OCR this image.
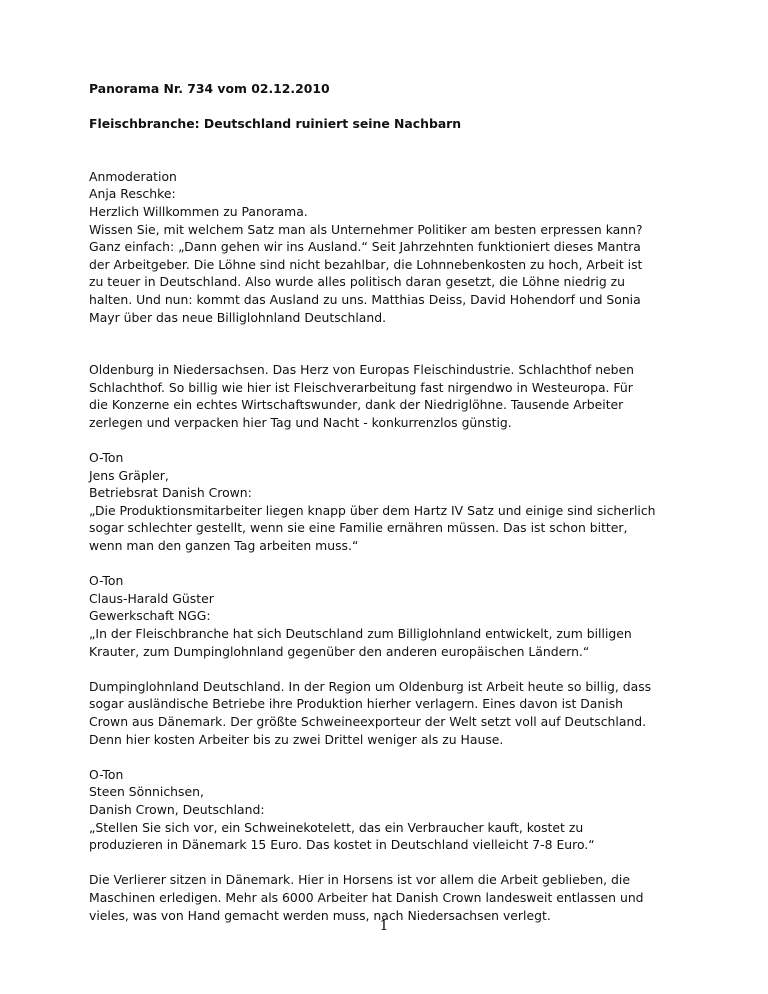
Panorama Nr. 734 vom 02.12.2010

Fleischbranche: Deutschland ruiniert seine Nachbarn

Anmoderation

Anja Reschke:

Herzlich Willkommen zu Panorama.

Wissen Sie, mit welchem Satz man als Unternehmer Politiker am besten erpressen kann?

Ganz einfach: „Dann gehen wir ins Ausland.“ Seit Jahrzehnten funktioniert dieses Mantra

der Arbeitgeber. Die Löhne sind nicht bezahlbar, die Lohnnebenkosten zu hoch, Arbeit ist

zu teuer in Deutschland. Also wurde alles politisch daran gesetzt, die Löhne niedrig zu

halten. Und nun: kommt das Ausland zu uns. Matthias Deiss, David Hohendorf und Sonia

Mayr über das neue Billiglohnland Deutschland.

Oldenburg in Niedersachsen. Das Herz von Europas Fleischindustrie. Schlachthof neben

Schlachthof. So billig wie hier ist Fleischverarbeitung fast nirgendwo in Westeuropa. Für

die Konzerne ein echtes Wirtschaftswunder, dank der Niedriglöhne. Tausende Arbeiter

zerlegen und verpacken hier Tag und Nacht - konkurrenzlos günstig.

O-Ton

Jens Gräpler,

Betriebsrat Danish Crown:

„Die Produktionsmitarbeiter liegen knapp über dem Hartz IV Satz und einige sind sicherlich

sogar schlechter gestellt, wenn sie eine Familie ernähren müssen. Das ist schon bitter,

wenn man den ganzen Tag arbeiten muss.“

O-Ton

Claus-Harald Güster

Gewerkschaft NGG:

„In der Fleischbranche hat sich Deutschland zum Billiglohnland entwickelt, zum billigen

Krauter, zum Dumpinglohnland gegenüber den anderen europäischen Ländern.“

Dumpinglohnland Deutschland. In der Region um Oldenburg ist Arbeit heute so billig, dass

sogar ausländische Betriebe ihre Produktion hierher verlagern. Eines davon ist Danish

Crown aus Dänemark. Der größte Schweineexporteur der Welt setzt voll auf Deutschland.

Denn hier kosten Arbeiter bis zu zwei Drittel weniger als zu Hause.

O-Ton

Steen Sönnichsen,

Danish Crown, Deutschland:

„Stellen Sie sich vor, ein Schweinekotelett, das ein Verbraucher kauft, kostet zu

produzieren in Dänemark 15 Euro. Das kostet in Deutschland vielleicht 7-8 Euro.“

Die Verlierer sitzen in Dänemark. Hier in Horsens ist vor allem die Arbeit geblieben, die

Maschinen erledigen. Mehr als 6000 Arbeiter hat Danish Crown landesweit entlassen und

vieles, was von Hand gemacht werden muss, nach Niedersachsen verlegt.

1
